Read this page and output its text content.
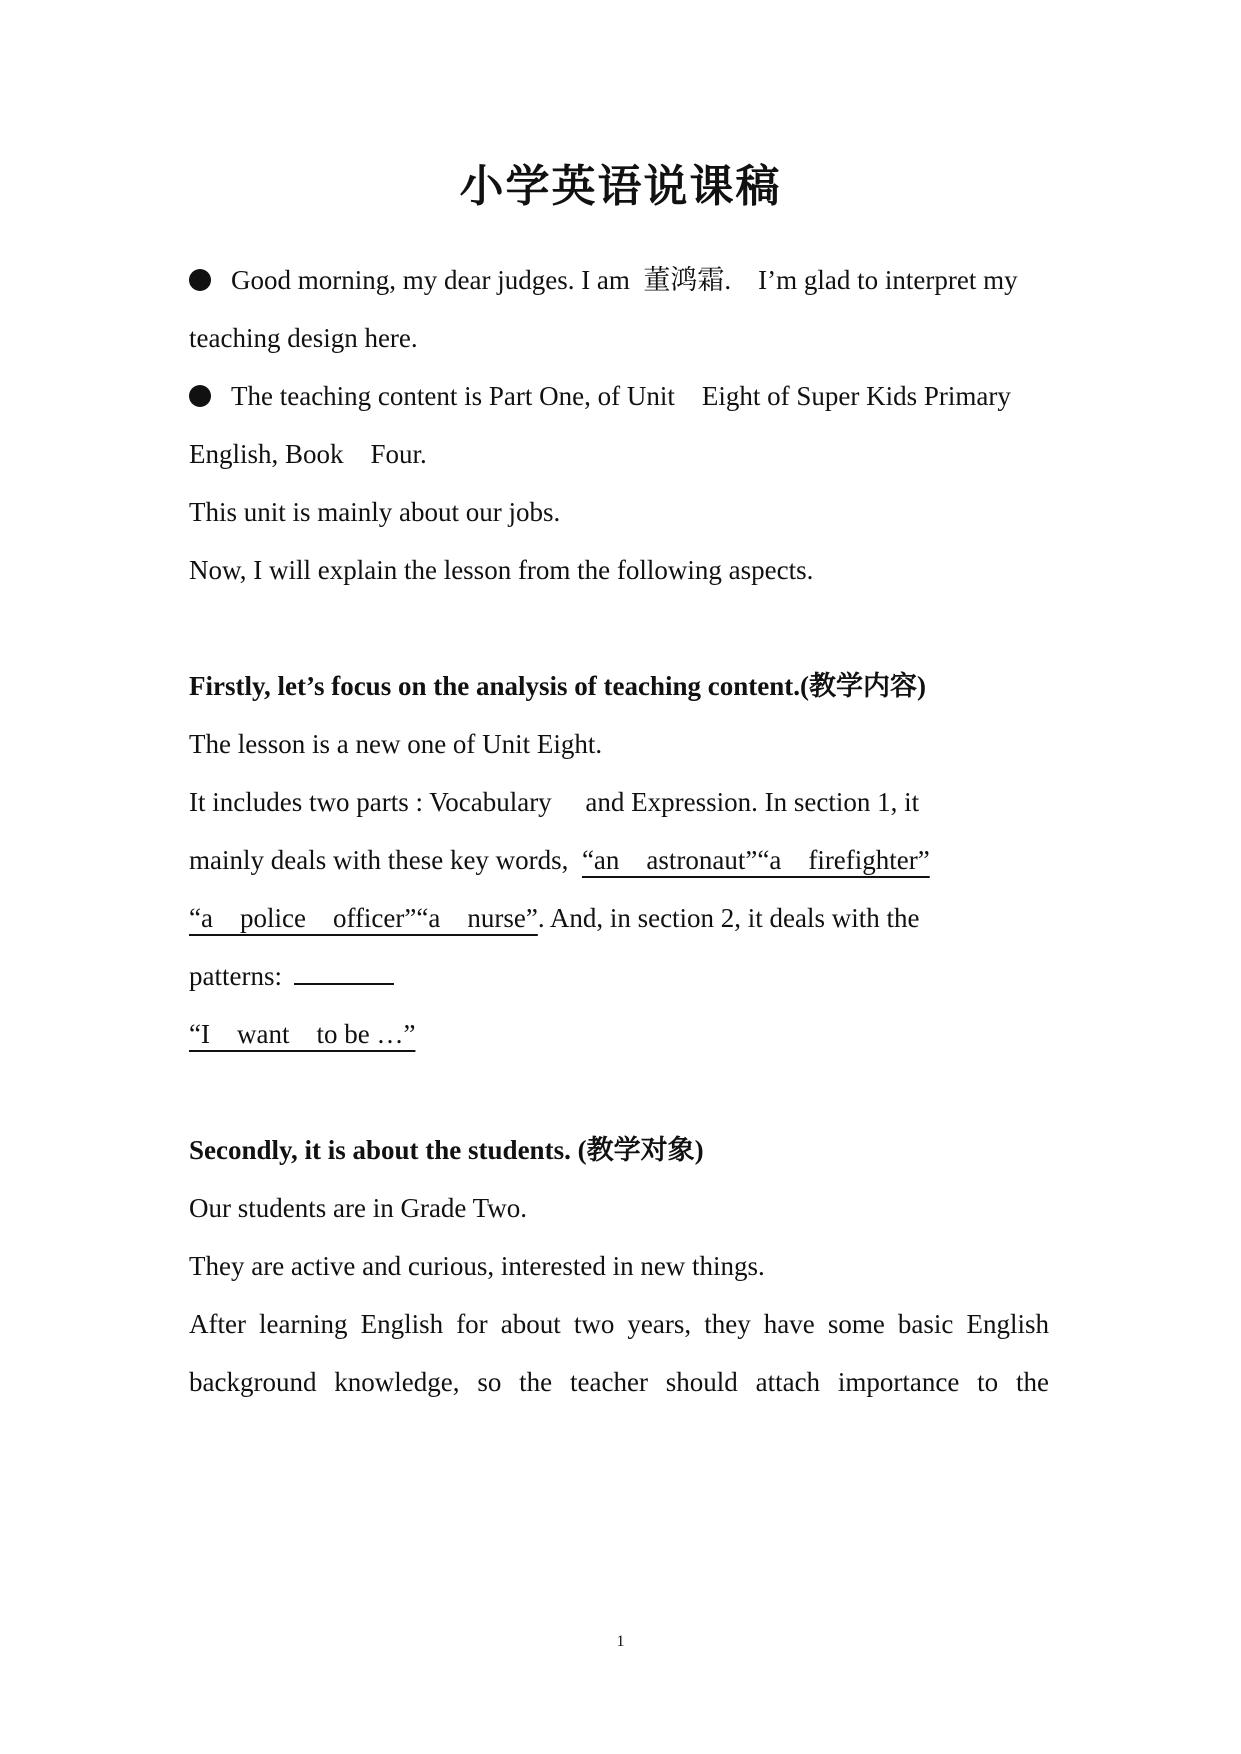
小学英语说课稿
Good morning, my dear judges. I am  董鸿霜.    I’m glad to interpret my
teaching design here.
The teaching content is Part One, of Unit    Eight of Super Kids Primary
English, Book    Four.
This unit is mainly about our jobs.
Now, I will explain the lesson from the following aspects.
Firstly, let’s focus on the analysis of teaching content.(教学内容)
The lesson is a new one of Unit Eight.
It includes two parts : Vocabulary     and Expression. In section 1, it
mainly deals with these key words,  “an    astronaut”“a    firefighter”
“a    police    officer”“a    nurse”. And, in section 2, it deals with the
patterns:
“I    want    to be …”
Secondly, it is about the students. (教学对象)
Our students are in Grade Two.
They are active and curious, interested in new things.
After learning English for about two years, they have some basic English
background knowledge, so the teacher should attach importance to the
1
